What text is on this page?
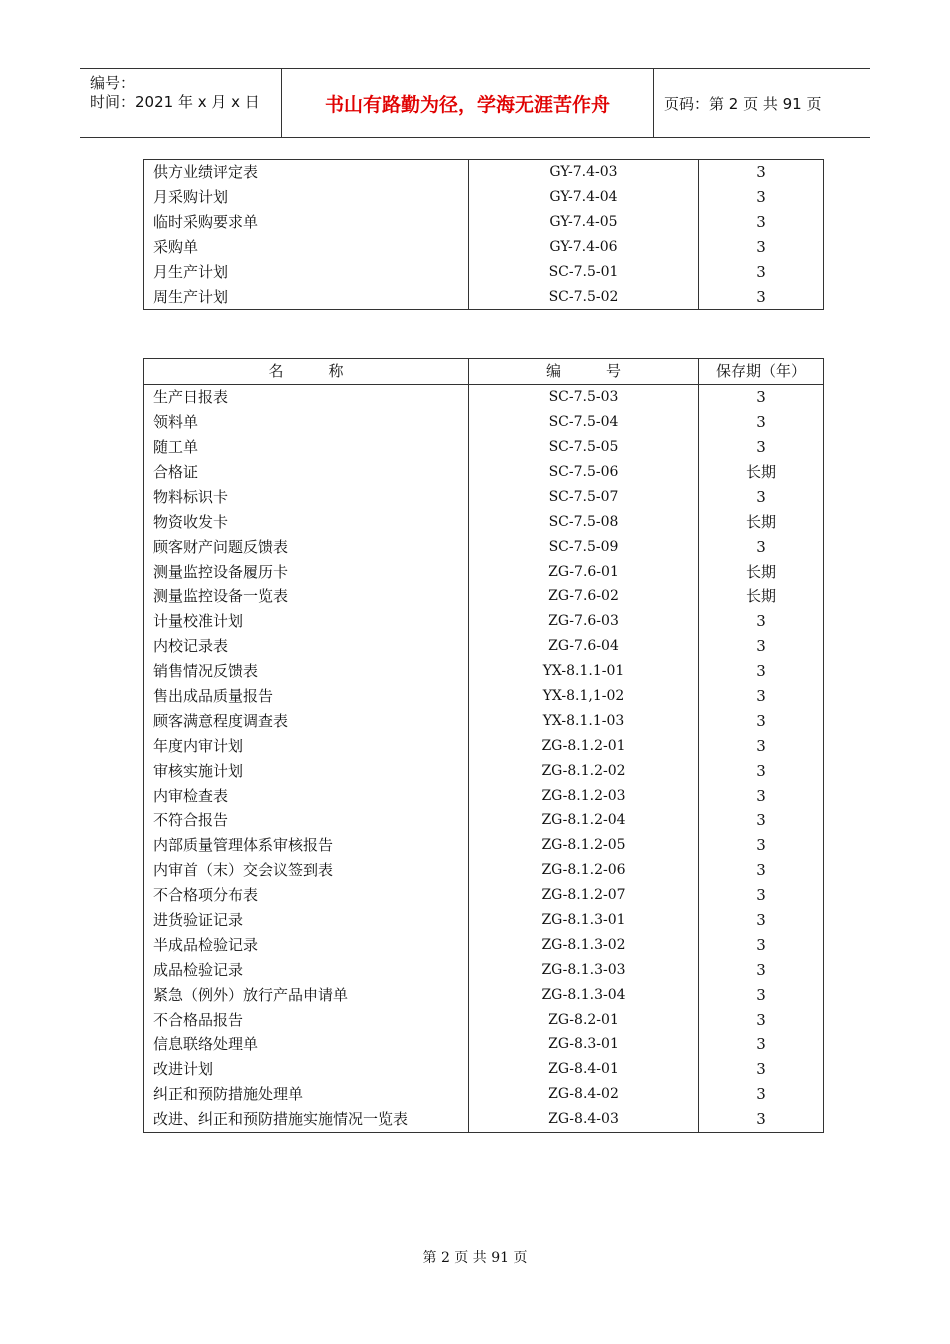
编号：
时间：2021 年 x 月 x 日	书山有路勤为径，学海无涯苦作舟	页码：第 2 页 共 91 页
供方业绩评定表	GY-7.4-03	3
月采购计划	GY-7.4-04	3
临时采购要求单	GY-7.4-05	3
采购单	GY-7.4-06	3
月生产计划	SC-7.5-01	3
周生产计划	SC-7.5-02	3
名　　　称	编　　　号	保存期（年）
生产日报表	SC-7.5-03	3
领料单	SC-7.5-04	3
随工单	SC-7.5-05	3
合格证	SC-7.5-06	长期
物料标识卡	SC-7.5-07	3
物资收发卡	SC-7.5-08	长期
顾客财产问题反馈表	SC-7.5-09	3
测量监控设备履历卡	ZG-7.6-01	长期
测量监控设备一览表	ZG-7.6-02	长期
计量校准计划	ZG-7.6-03	3
内校记录表	ZG-7.6-04	3
销售情况反馈表	YX-8.1.1-01	3
售出成品质量报告	YX-8.1,1-02	3
顾客满意程度调查表	YX-8.1.1-03	3
年度内审计划	ZG-8.1.2-01	3
审核实施计划	ZG-8.1.2-02	3
内审检查表	ZG-8.1.2-03	3
不符合报告	ZG-8.1.2-04	3
内部质量管理体系审核报告	ZG-8.1.2-05	3
内审首（末）交会议签到表	ZG-8.1.2-06	3
不合格项分布表	ZG-8.1.2-07	3
进货验证记录	ZG-8.1.3-01	3
半成品检验记录	ZG-8.1.3-02	3
成品检验记录	ZG-8.1.3-03	3
紧急（例外）放行产品申请单	ZG-8.1.3-04	3
不合格品报告	ZG-8.2-01	3
信息联络处理单	ZG-8.3-01	3
改进计划	ZG-8.4-01	3
纠正和预防措施处理单	ZG-8.4-02	3
改进、纠正和预防措施实施情况一览表	ZG-8.4-03	3
第 2 页 共 91 页
